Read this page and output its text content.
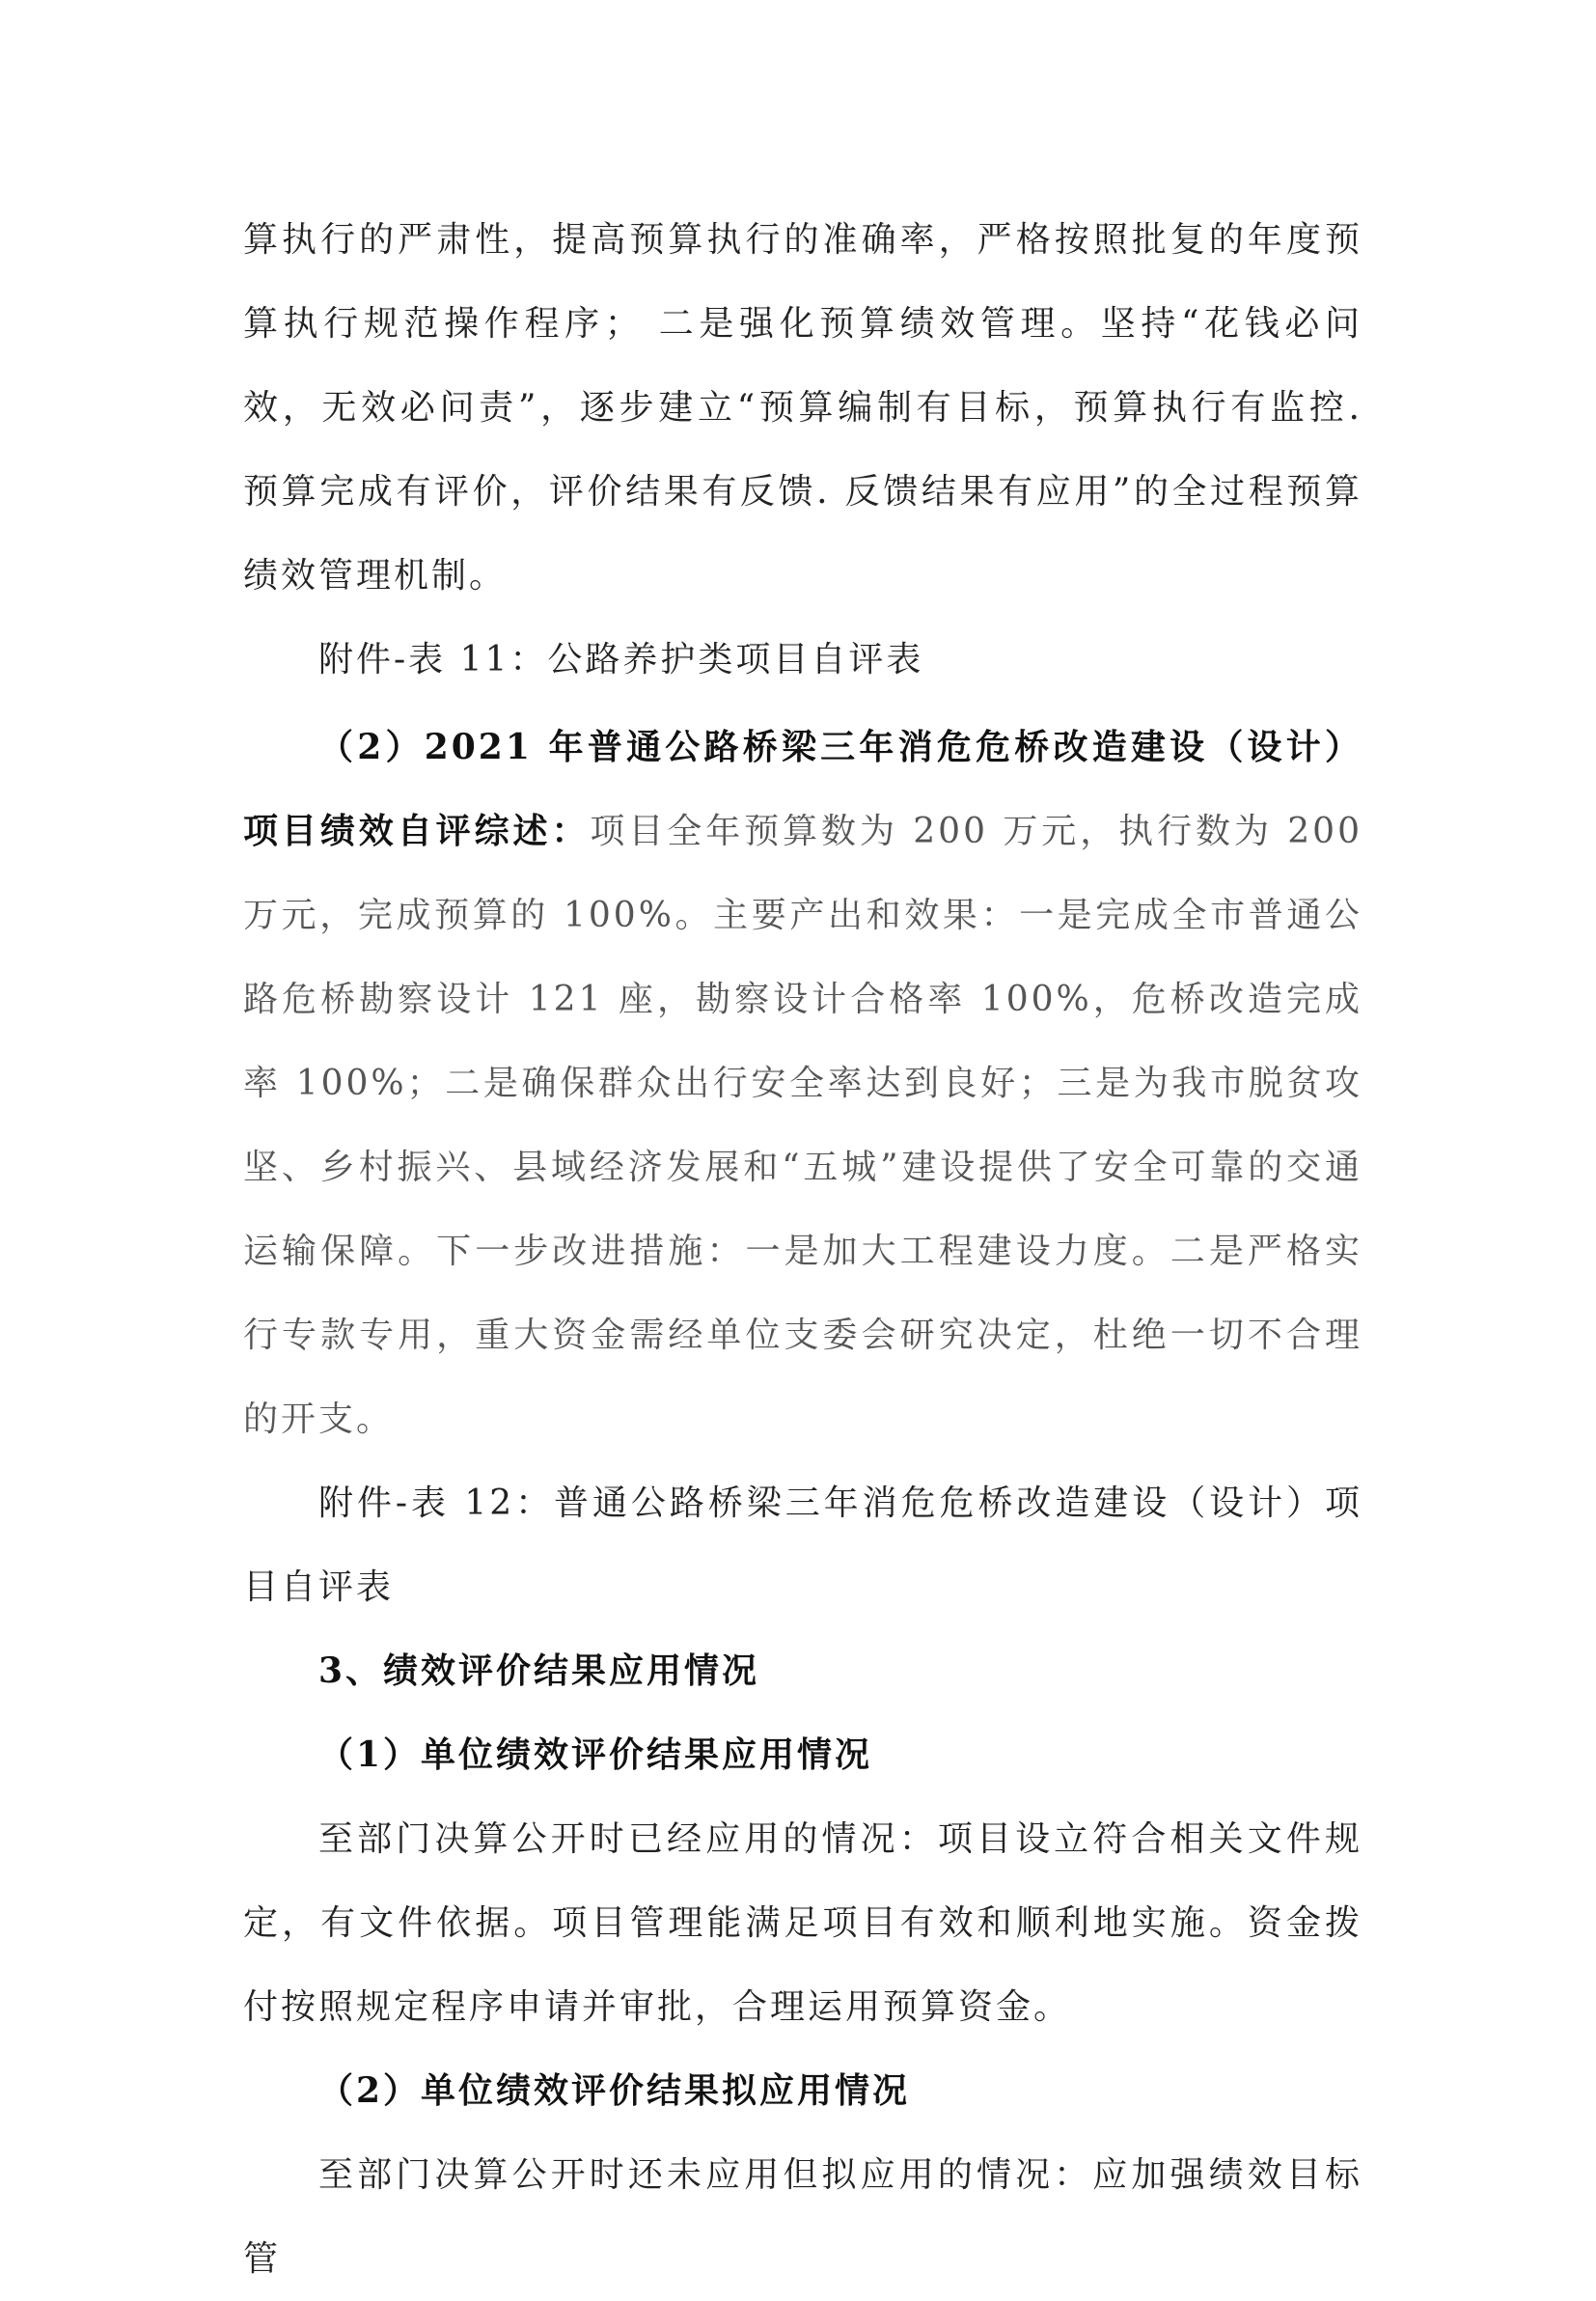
算执行的严肃性，提高预算执行的准确率，严格按照批复的年度预算执行规范操作程序； 二是强化预算绩效管理。坚持“花钱必问效，无效必问责”，逐步建立“预算编制有目标，预算执行有监控. 预算完成有评价，评价结果有反馈. 反馈结果有应用”的全过程预算绩效管理机制。

附件-表 11：公路养护类项目自评表

（2）2021 年普通公路桥梁三年消危危桥改造建设（设计）项目绩效自评综述：项目全年预算数为 200 万元，执行数为 200 万元，完成预算的 100%。主要产出和效果：一是完成全市普通公路危桥勘察设计 121 座，勘察设计合格率 100%，危桥改造完成率 100%；二是确保群众出行安全率达到良好；三是为我市脱贫攻坚、乡村振兴、县域经济发展和“五城”建设提供了安全可靠的交通运输保障。下一步改进措施：一是加大工程建设力度。二是严格实行专款专用，重大资金需经单位支委会研究决定，杜绝一切不合理的开支。

附件-表 12：普通公路桥梁三年消危危桥改造建设（设计）项目自评表

3、绩效评价结果应用情况

（1）单位绩效评价结果应用情况

至部门决算公开时已经应用的情况：项目设立符合相关文件规定，有文件依据。项目管理能满足项目有效和顺利地实施。资金拨付按照规定程序申请并审批，合理运用预算资金。

（2）单位绩效评价结果拟应用情况

至部门决算公开时还未应用但拟应用的情况：应加强绩效目标管
